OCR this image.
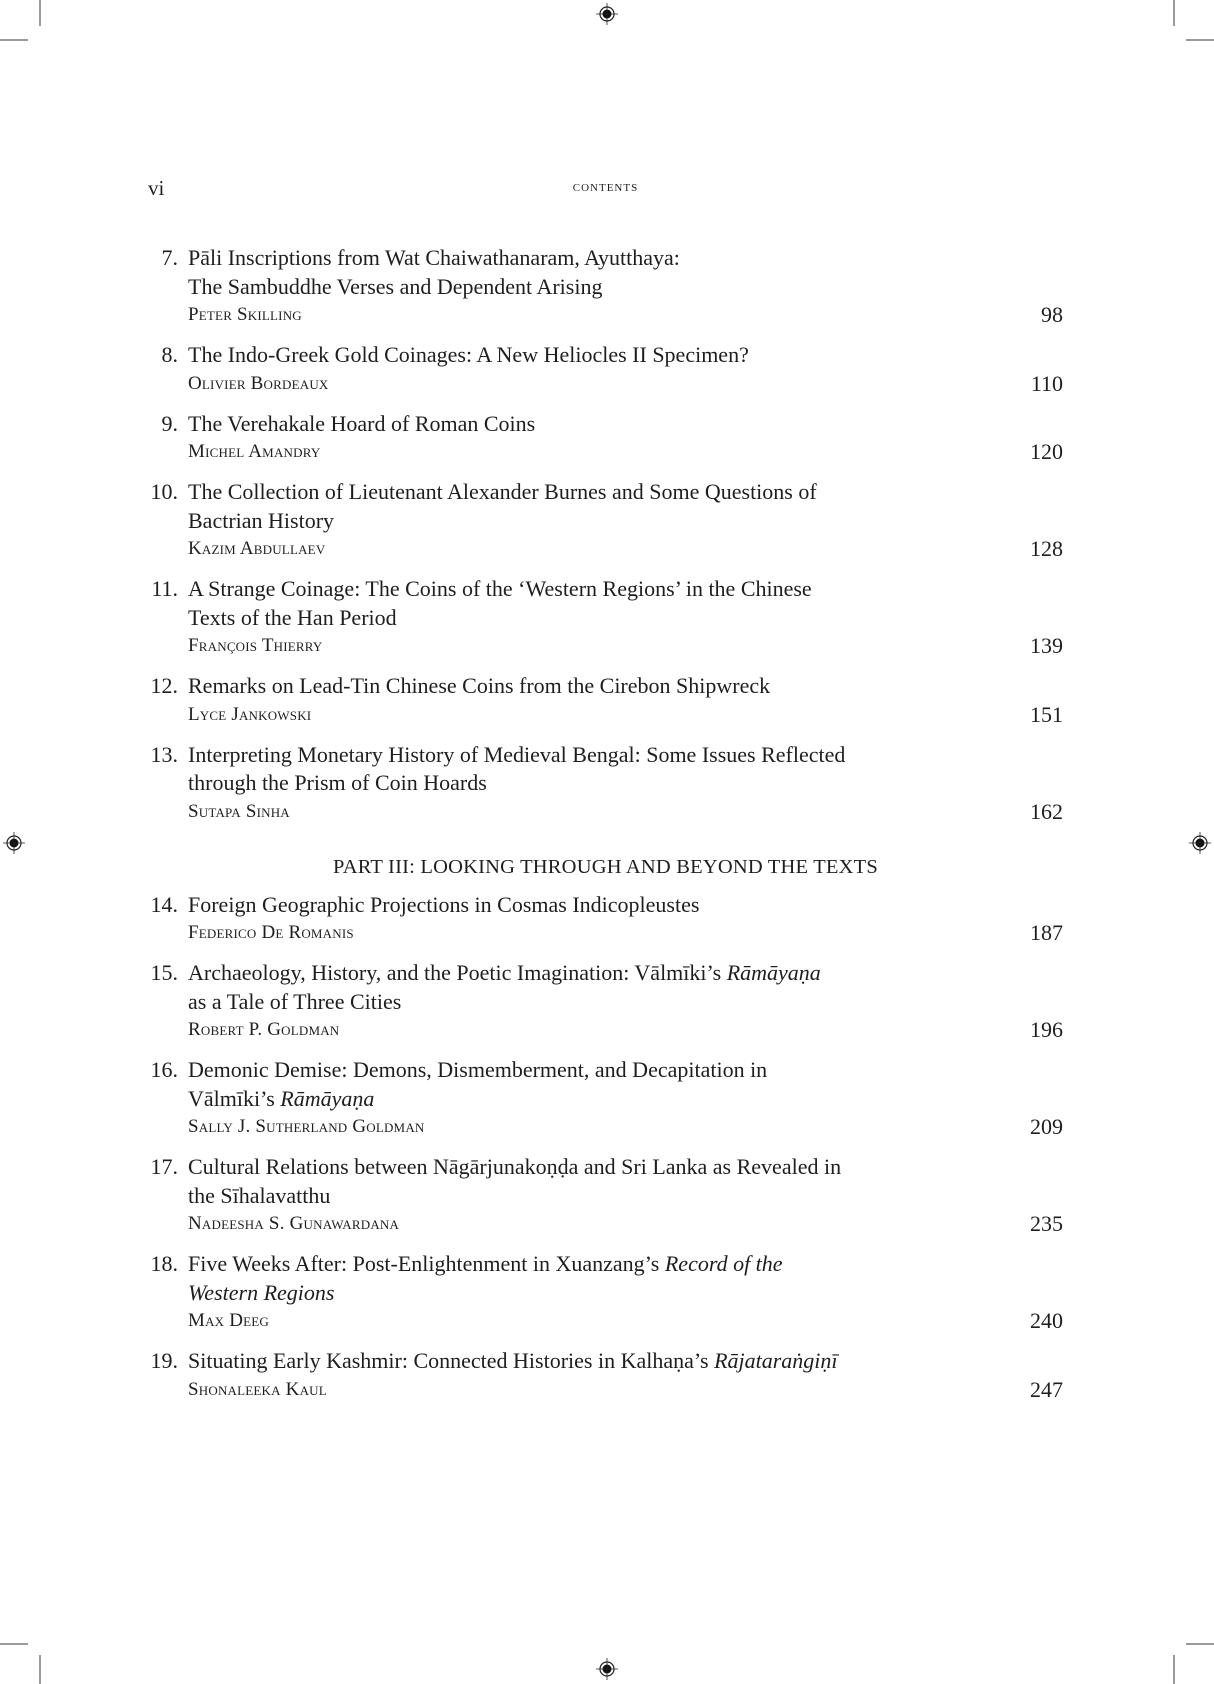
vi	contents
7. Pāli Inscriptions from Wat Chaiwathanaram, Ayutthaya:
The Sambuddhe Verses and Dependent Arising
Peter Skilling	98
8. The Indo-Greek Gold Coinages: A New Heliocles II Specimen?
Olivier Bordeaux	110
9. The Verehakale Hoard of Roman Coins
Michel Amandry	120
10. The Collection of Lieutenant Alexander Burnes and Some Questions of
Bactrian History
Kazim Abdullaev	128
11. A Strange Coinage: The Coins of the ‘Western Regions’ in the Chinese
Texts of the Han Period
François Thierry	139
12. Remarks on Lead-Tin Chinese Coins from the Cirebon Shipwreck
Lyce Jankowski	151
13. Interpreting Monetary History of Medieval Bengal: Some Issues Reflected
through the Prism of Coin Hoards
Sutapa Sinha	162
PART III: LOOKING THROUGH AND BEYOND THE TEXTS
14. Foreign Geographic Projections in Cosmas Indicopleustes
Federico De Romanis	187
15. Archaeology, History, and the Poetic Imagination: Vālmīki’s Rāmāyaṇa
as a Tale of Three Cities
Robert P. Goldman	196
16. Demonic Demise: Demons, Dismemberment, and Decapitation in
Vālmīki’s Rāmāyaṇa
Sally J. Sutherland Goldman	209
17. Cultural Relations between Nāgārjunakoṇḍa and Sri Lanka as Revealed in
the Sīhalavatthu
Nadeesha S. Gunawardana	235
18. Five Weeks After: Post-Enlightenment in Xuanzang’s Record of the
Western Regions
Max Deeg	240
19. Situating Early Kashmir: Connected Histories in Kalhaṇa’s Rājataraṅgiṇī
Shonaleeka Kaul	247
